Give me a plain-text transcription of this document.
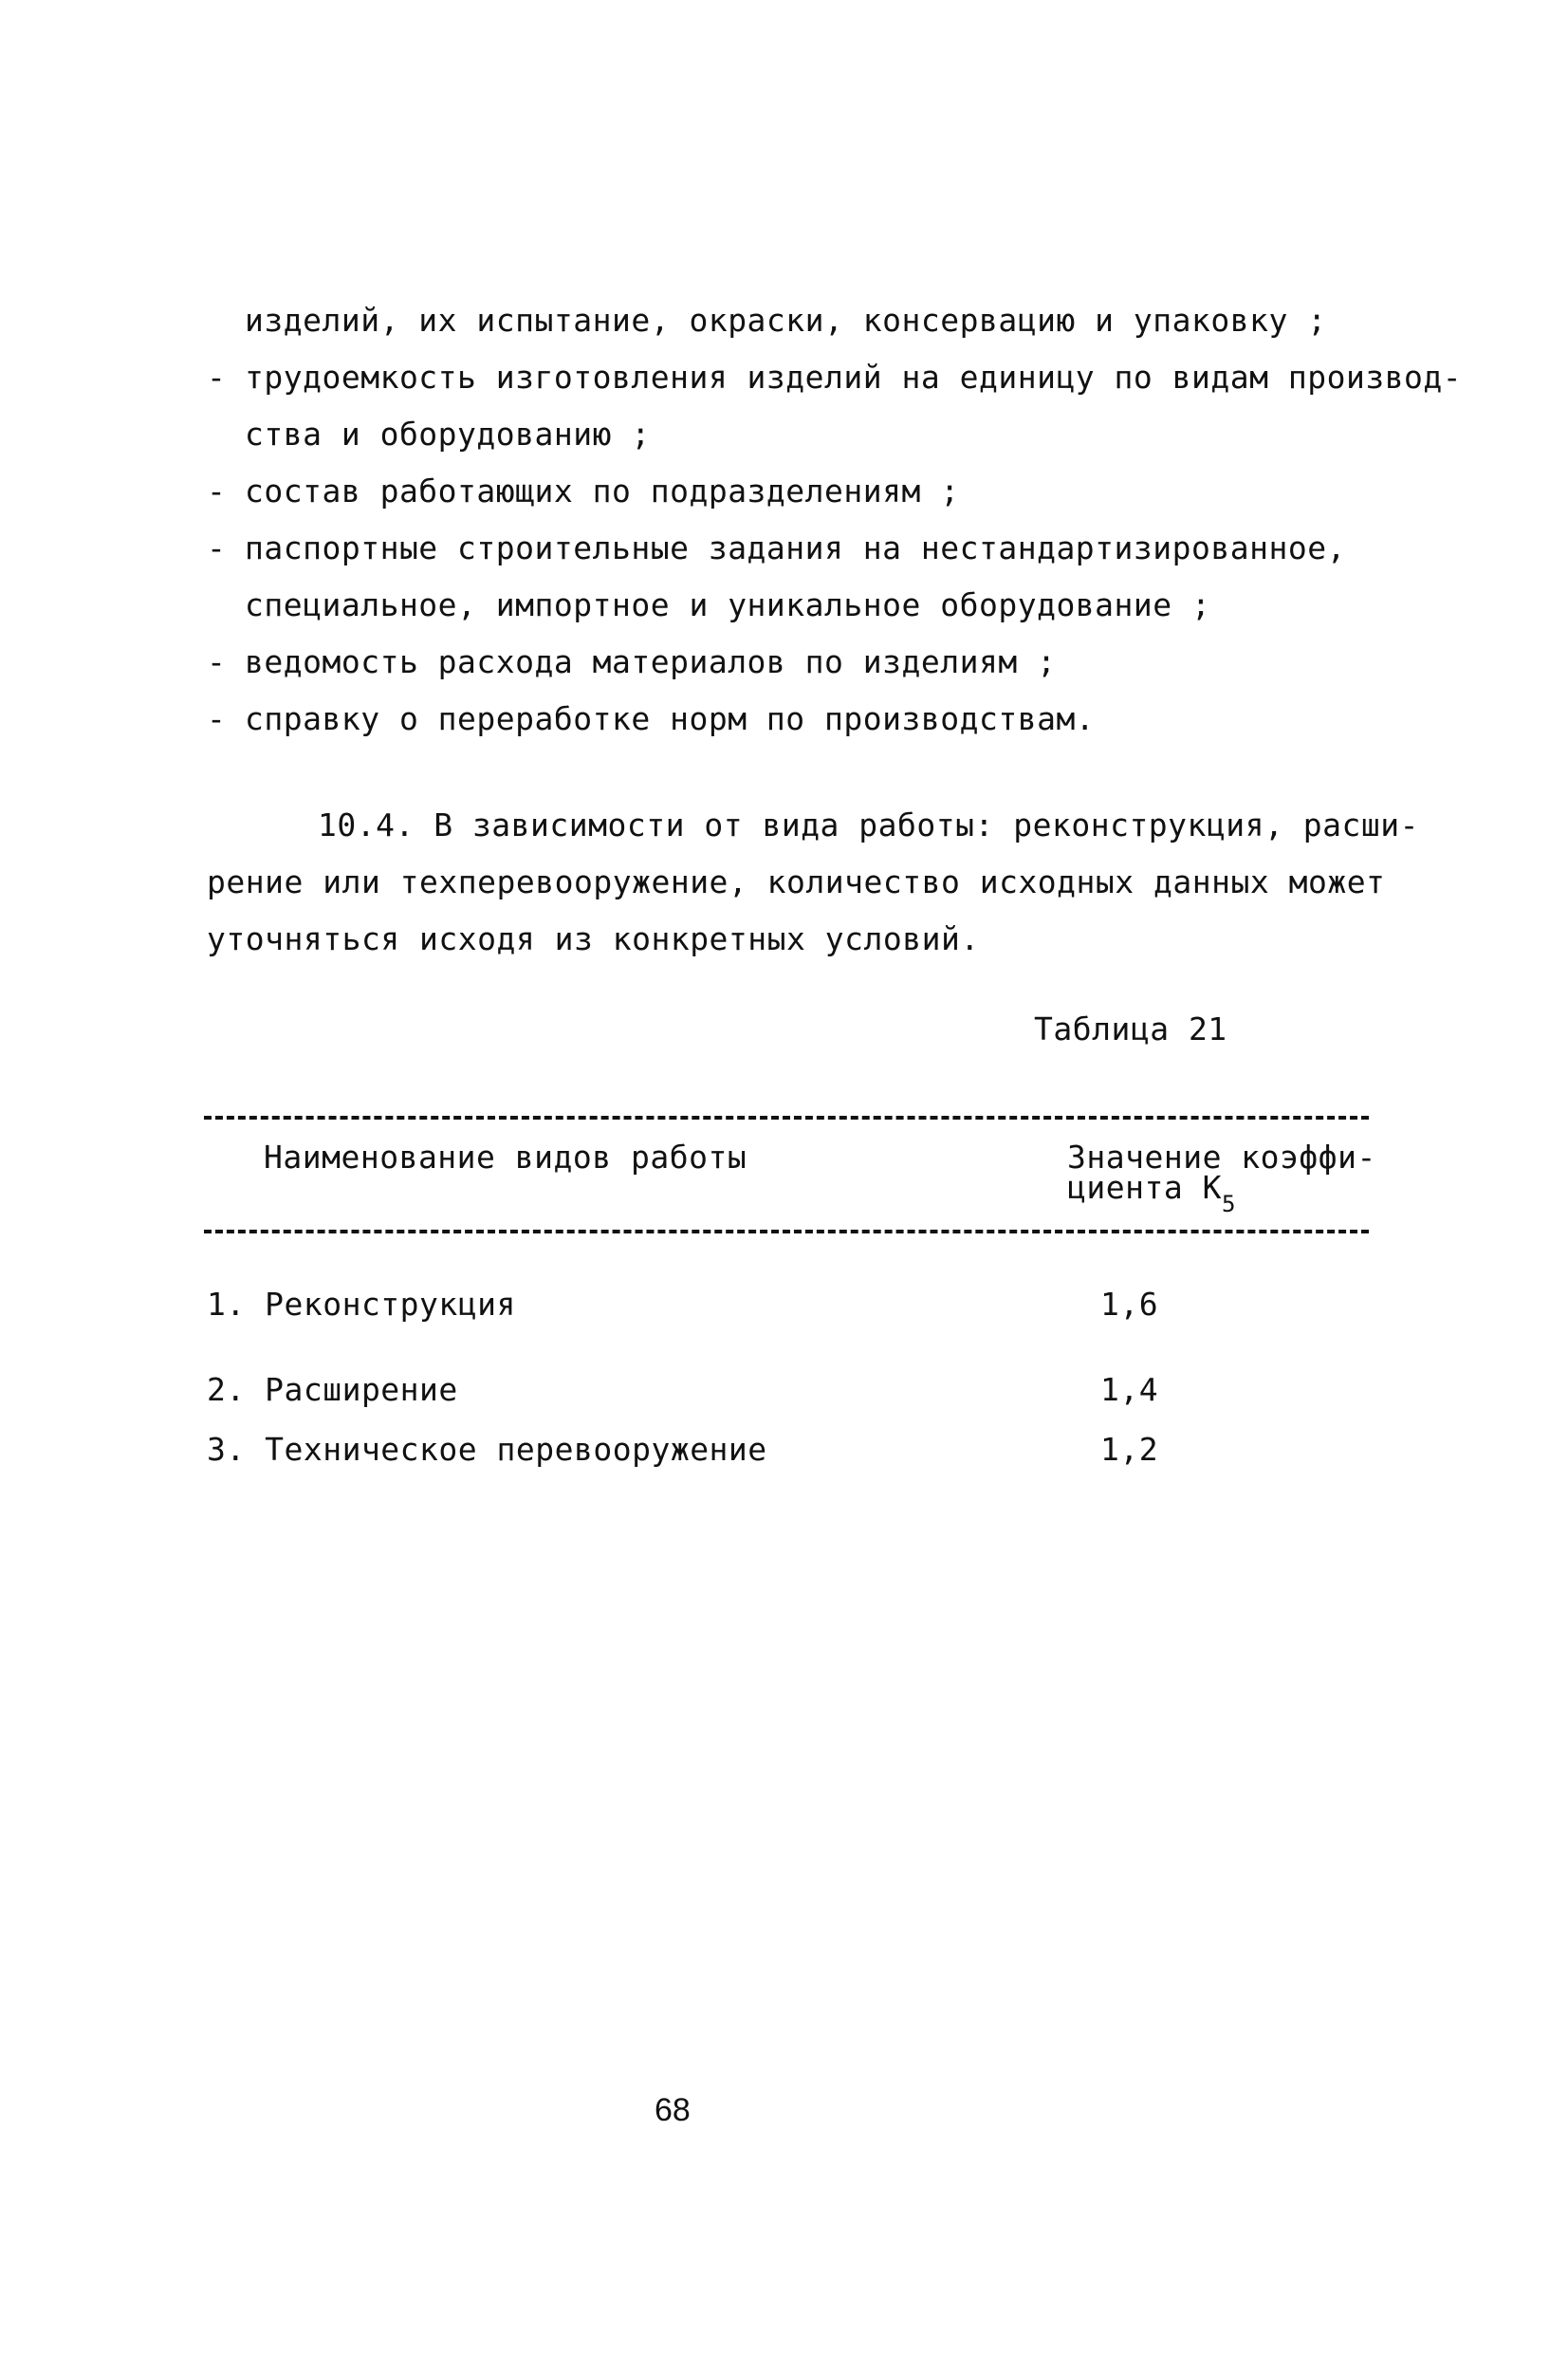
изделий, их испытание, окраски, консервацию и упаковку ;
- трудоемкость изготовления изделий на единицу по видам производ-
ства и оборудованию ;
- состав работающих по подразделениям ;
- паспортные строительные задания на нестандартизированное,
специальное, импортное и уникальное оборудование ;
- ведомость расхода материалов по изделиям ;
- справку о переработке норм по производствам.
10.4. В зависимости от вида работы: реконструкция, расши-
рение или техперевооружение, количество исходных данных может
уточняться исходя из конкретных условий.
Таблица 21
Наименование видов работы	Значение коэффи-
циента $К_5$
1. Реконструкция	1,6
2. Расширение	1,4
3. Техническое перевооружение	1,2
68
